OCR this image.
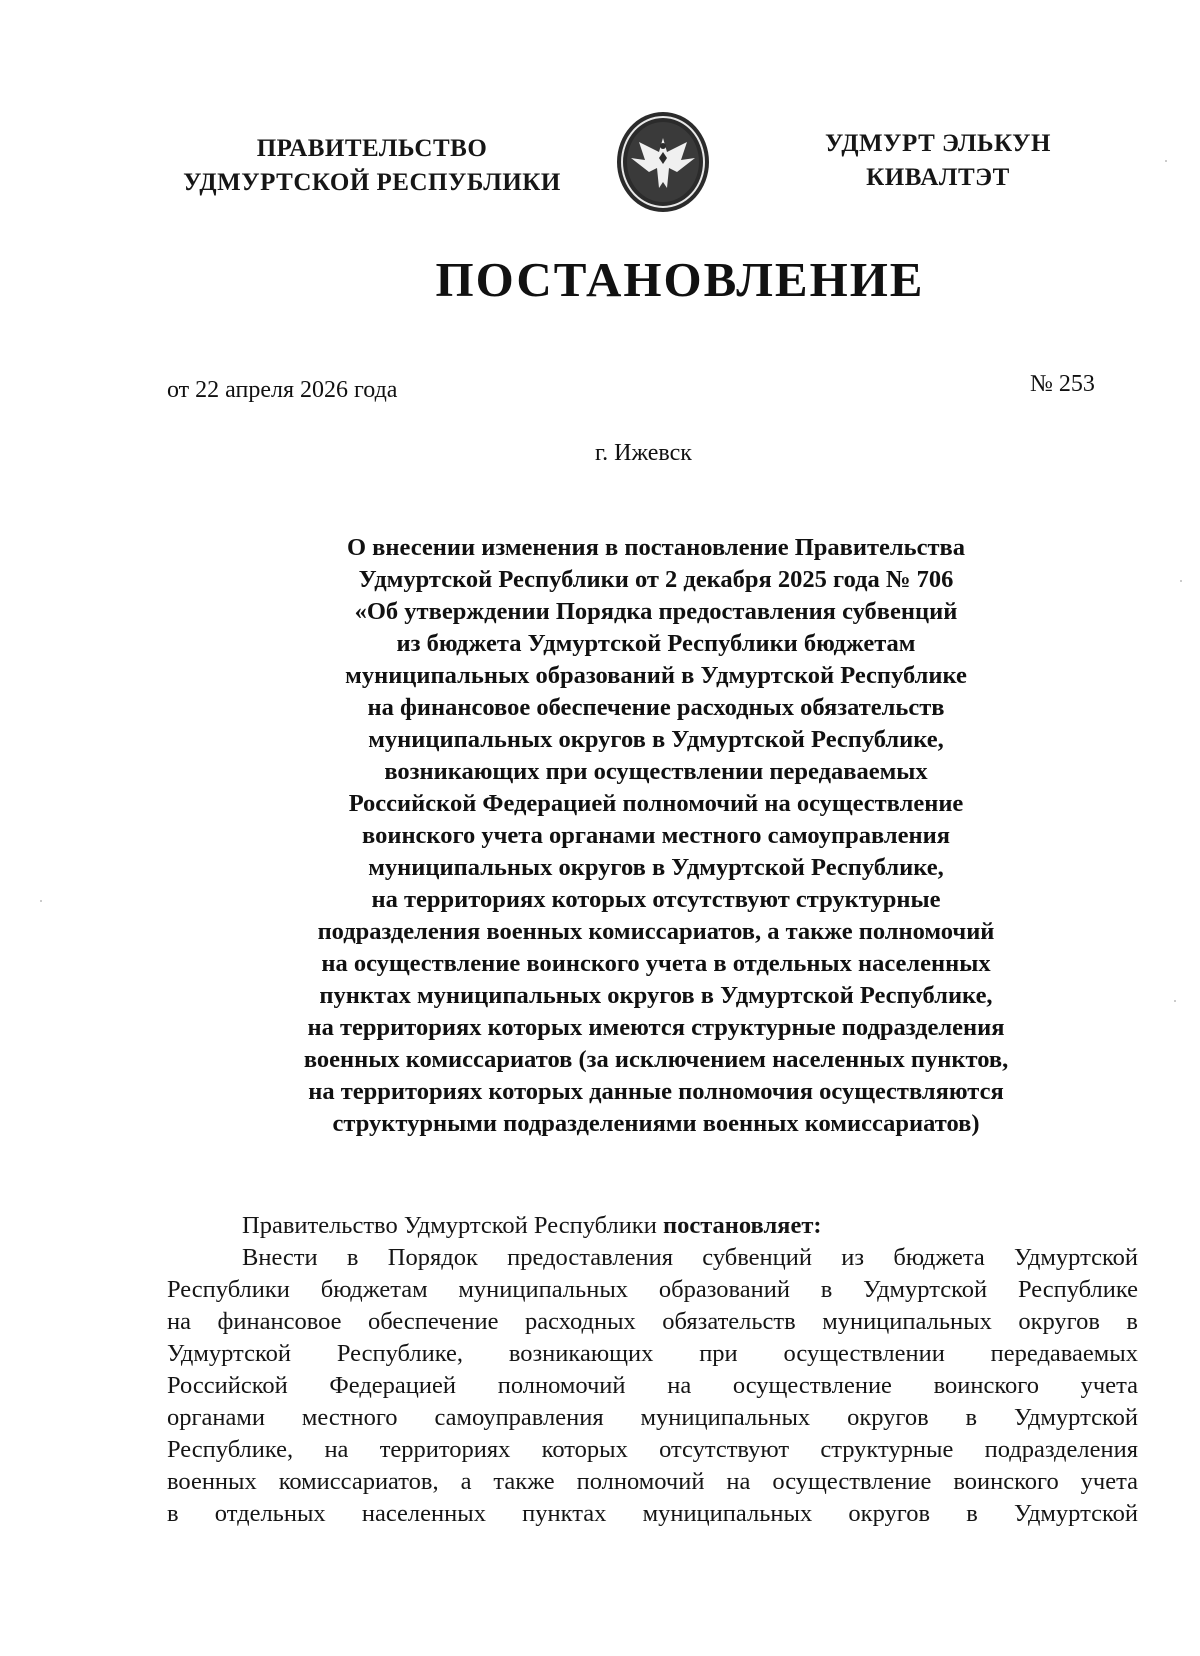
ПРАВИТЕЛЬСТВО
УДМУРТСКОЙ РЕСПУБЛИКИ
УДМУРТ ЭЛЬКУН
КИВАЛТЭТ
ПОСТАНОВЛЕНИЕ
от 22 апреля 2026 года	№ 253
г. Ижевск
О внесении изменения в постановление Правительства
Удмуртской Республики от 2 декабря 2025 года № 706
«Об утверждении Порядка предоставления субвенций
из бюджета Удмуртской Республики бюджетам
муниципальных образований в Удмуртской Республике
на финансовое обеспечение расходных обязательств
муниципальных округов в Удмуртской Республике,
возникающих при осуществлении передаваемых
Российской Федерацией полномочий на осуществление
воинского учета органами местного самоуправления
муниципальных округов в Удмуртской Республике,
на территориях которых отсутствуют структурные
подразделения военных комиссариатов, а также полномочий
на осуществление воинского учета в отдельных населенных
пунктах муниципальных округов в Удмуртской Республике,
на территориях которых имеются структурные подразделения
военных комиссариатов (за исключением населенных пунктов,
на территориях которых данные полномочия осуществляются
структурными подразделениями военных комиссариатов)
Правительство Удмуртской Республики постановляет:
Внести в Порядок предоставления субвенций из бюджета Удмуртской
Республики бюджетам муниципальных образований в Удмуртской Республике
на финансовое обеспечение расходных обязательств муниципальных округов в
Удмуртской Республике, возникающих при осуществлении передаваемых
Российской Федерацией полномочий на осуществление воинского учета
органами местного самоуправления муниципальных округов в Удмуртской
Республике, на территориях которых отсутствуют структурные подразделения
военных комиссариатов, а также полномочий на осуществление воинского учета
в отдельных населенных пунктах муниципальных округов в Удмуртской
